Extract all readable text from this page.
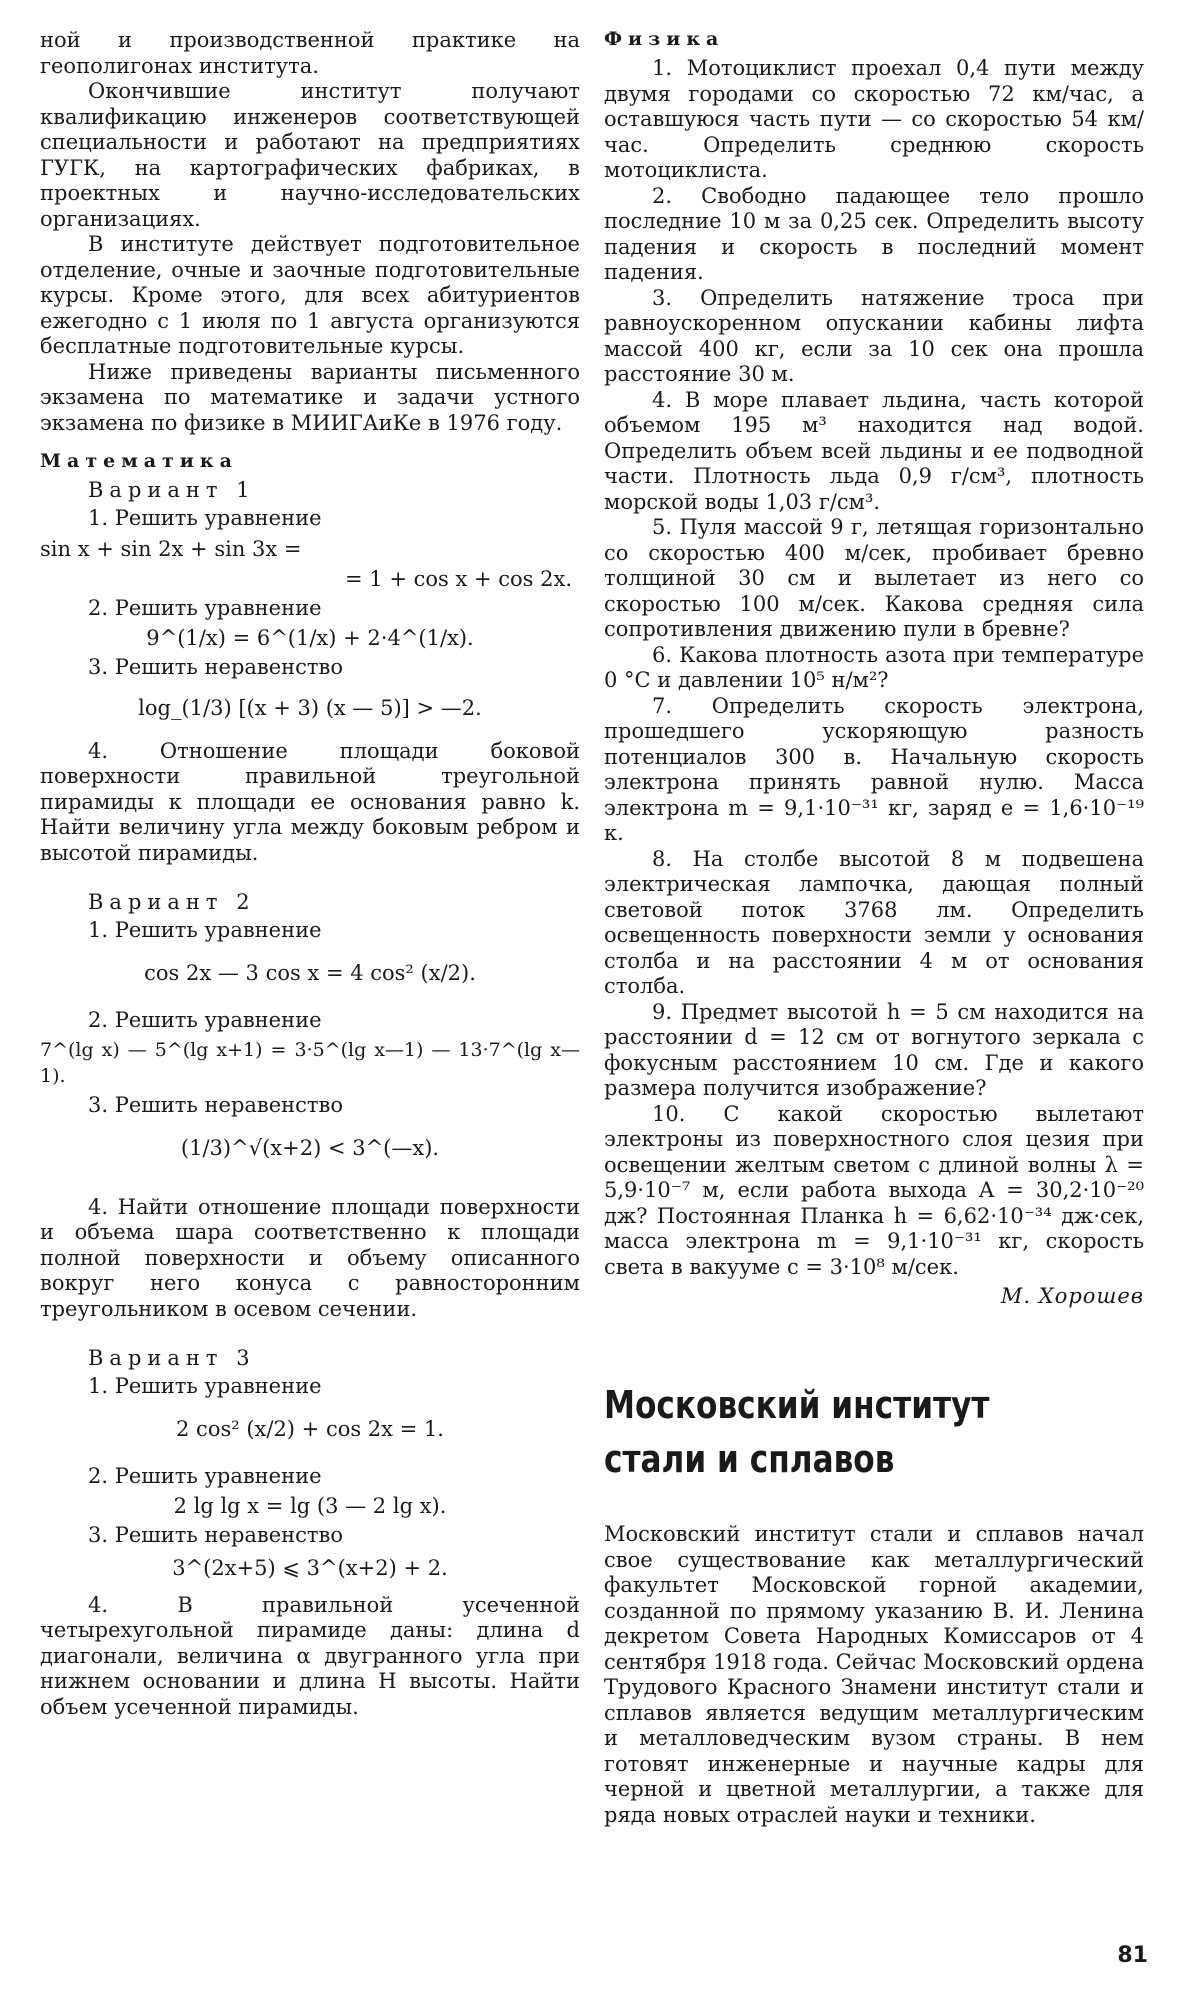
ной и производственной практике на геополигонах института.

Окончившие институт получают квалификацию инженеров соответствующей специальности и работают на предприятиях ГУГК, на картографических фабриках, в проектных и научно-исследовательских организациях.

В институте действует подготовительное отделение, очные и заочные подготовительные курсы. Кроме этого, для всех абитуриентов ежегодно с 1 июля по 1 августа организуются бесплатные подготовительные курсы.

Ниже приведены варианты письменного экзамена по математике и задачи устного экзамена по физике в МИИГАиКе в 1976 году.

Математика
Вариант 1

1. Решить уравнение

sin x + sin 2x + sin 3x =

= 1 + cos x + cos 2x.

2. Решить уравнение

9^(1/x) = 6^(1/x) + 2·4^(1/x).

3. Решить неравенство

log_(1/3) [(x + 3) (x — 5)] > —2.

4. Отношение площади боковой поверхности правильной треугольной пирамиды к площади ее основания равно k. Найти величину угла между боковым ребром и высотой пирамиды.

Вариант 2

1. Решить уравнение

cos 2x — 3 cos x = 4 cos² (x/2).

2. Решить уравнение

7^(lg x) — 5^(lg x+1) = 3·5^(lg x—1) — 13·7^(lg x—1).

3. Решить неравенство

(1/3)^√(x+2) < 3^(—x).

4. Найти отношение площади поверхности и объема шара соответственно к площади полной поверхности и объему описанного вокруг него конуса с равносторонним треугольником в осевом сечении.

Вариант 3

1. Решить уравнение

2 cos² (x/2) + cos 2x = 1.

2. Решить уравнение

2 lg lg x = lg (3 — 2 lg x).

3. Решить неравенство

3^(2x+5) ⩽ 3^(x+2) + 2.

4. В правильной усеченной четырехугольной пирамиде даны: длина d диагонали, величина α двугранного угла при нижнем основании и длина H высоты. Найти объем усеченной пирамиды.

Физика

1. Мотоциклист проехал 0,4 пути между двумя городами со скоростью 72 км/час, а оставшуюся часть пути — со скоростью 54 км/час. Определить среднюю скорость мотоциклиста.

2. Свободно падающее тело прошло последние 10 м за 0,25 сек. Определить высоту падения и скорость в последний момент падения.

3. Определить натяжение троса при равноускоренном опускании кабины лифта массой 400 кг, если за 10 сек она прошла расстояние 30 м.

4. В море плавает льдина, часть которой объемом 195 м³ находится над водой. Определить объем всей льдины и ее подводной части. Плотность льда 0,9 г/см³, плотность морской воды 1,03 г/см³.

5. Пуля массой 9 г, летящая горизонтально со скоростью 400 м/сек, пробивает бревно толщиной 30 см и вылетает из него со скоростью 100 м/сек. Какова средняя сила сопротивления движению пули в бревне?

6. Какова плотность азота при температуре 0 °С и давлении 10⁵ н/м²?

7. Определить скорость электрона, прошедшего ускоряющую разность потенциалов 300 в. Начальную скорость электрона принять равной нулю. Масса электрона m = 9,1·10⁻³¹ кг, заряд e = 1,6·10⁻¹⁹ к.

8. На столбе высотой 8 м подвешена электрическая лампочка, дающая полный световой поток 3768 лм. Определить освещенность поверхности земли у основания столба и на расстоянии 4 м от основания столба.

9. Предмет высотой h = 5 см находится на расстоянии d = 12 см от вогнутого зеркала с фокусным расстоянием 10 см. Где и какого размера получится изображение?

10. С какой скоростью вылетают электроны из поверхностного слоя цезия при освещении желтым светом с длиной волны λ = 5,9·10⁻⁷ м, если работа выхода A = 30,2·10⁻²⁰ дж? Постоянная Планка h = 6,62·10⁻³⁴ дж·сек, масса электрона m = 9,1·10⁻³¹ кг, скорость света в вакууме c = 3·10⁸ м/сек.

М. Хорошев
Московский институт
стали и сплавов

Московский институт стали и сплавов начал свое существование как металлургический факультет Московской горной академии, созданной по прямому указанию В. И. Ленина декретом Совета Народных Комиссаров от 4 сентября 1918 года. Сейчас Московский ордена Трудового Красного Знамени институт стали и сплавов является ведущим металлургическим и металловедческим вузом страны. В нем готовят инженерные и научные кадры для черной и цветной металлургии, а также для ряда новых отраслей науки и техники.

81
